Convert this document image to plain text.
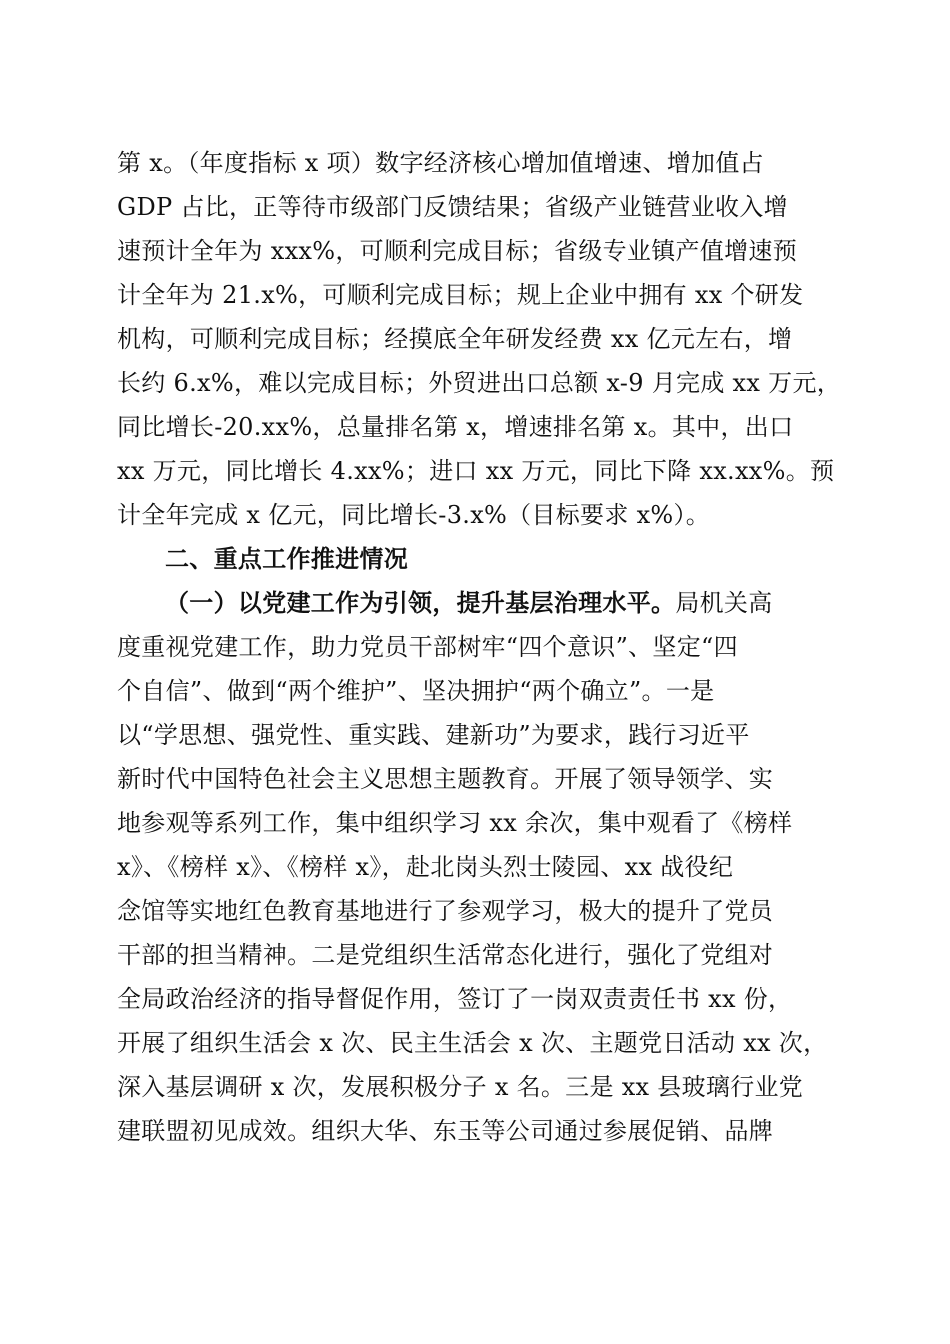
第 x。（年度指标 x 项）数字经济核心增加值增速、增加值占
GDP 占比，正等待市级部门反馈结果；省级产业链营业收入增
速预计全年为 xxx%，可顺利完成目标；省级专业镇产值增速预
计全年为 21.x%，可顺利完成目标；规上企业中拥有 xx 个研发
机构，可顺利完成目标；经摸底全年研发经费 xx 亿元左右，增
长约 6.x%，难以完成目标；外贸进出口总额 x-9 月完成 xx 万元，
同比增长-20.xx%，总量排名第 x，增速排名第 x。其中，出口
xx 万元，同比增长 4.xx%；进口 xx 万元，同比下降 xx.xx%。预
计全年完成 x 亿元，同比增长-3.x%（目标要求 x%）。
二、重点工作推进情况
（一）以党建工作为引领，提升基层治理水平。局机关高
度重视党建工作，助力党员干部树牢“四个意识”、坚定“四
个自信”、做到“两个维护”、坚决拥护“两个确立”。一是
以“学思想、强党性、重实践、建新功”为要求，践行习近平
新时代中国特色社会主义思想主题教育。开展了领导领学、实
地参观等系列工作，集中组织学习 xx 余次，集中观看了《榜样
x》、《榜样 x》、《榜样 x》，赴北岗头烈士陵园、xx 战役纪
念馆等实地红色教育基地进行了参观学习，极大的提升了党员
干部的担当精神。二是党组织生活常态化进行，强化了党组对
全局政治经济的指导督促作用，签订了一岗双责责任书 xx 份，
开展了组织生活会 x 次、民主生活会 x 次、主题党日活动 xx 次，
深入基层调研 x 次，发展积极分子 x 名。三是 xx 县玻璃行业党
建联盟初见成效。组织大华、东玉等公司通过参展促销、品牌
